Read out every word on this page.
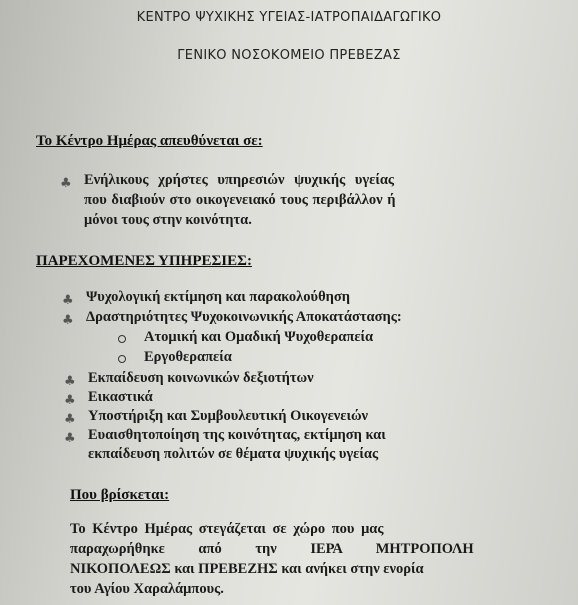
ΚΕΝΤΡΟ ΨΥΧΙΚΗΣ ΥΓΕΙΑΣ-ΙΑΤΡΟΠΑΙΔΑΓΩΓΙΚΟ
ΓΕΝΙΚΟ ΝΟΣΟΚΟΜΕΙΟ ΠΡΕΒΕΖΑΣ
Το Κέντρο Ημέρας απευθύνεται σε:
♣ Ενήλικους χρήστες υπηρεσιών ψυχικής υγείας
που διαβιούν στο οικογενειακό τους περιβάλλον ή
μόνοι τους στην κοινότητα.
ΠΑΡΕΧΟΜΕΝΕΣ ΥΠΗΡΕΣΙΕΣ:
♣ Ψυχολογική εκτίμηση και παρακολούθηση
♣ Δραστηριότητες Ψυχοκοινωνικής Αποκατάστασης:
Ατομική και Ομαδική Ψυχοθεραπεία
Εργοθεραπεία
♣ Εκπαίδευση κοινωνικών δεξιοτήτων
♣ Εικαστικά
♣ Υποστήριξη και Συμβουλευτική Οικογενειών
♣ Ευαισθητοποίηση της κοινότητας, εκτίμηση και
εκπαίδευση πολιτών σε θέματα ψυχικής υγείας
Που βρίσκεται:
Το Κέντρο Ημέρας στεγάζεται σε χώρο που μας
παραχωρήθηκε από την ΙΕΡΑ ΜΗΤΡΟΠΟΛΗ
ΝΙΚΟΠΟΛΕΩΣ και ΠΡΕΒΕΖΗΣ και ανήκει στην ενορία
του Αγίου Χαραλάμπους.
